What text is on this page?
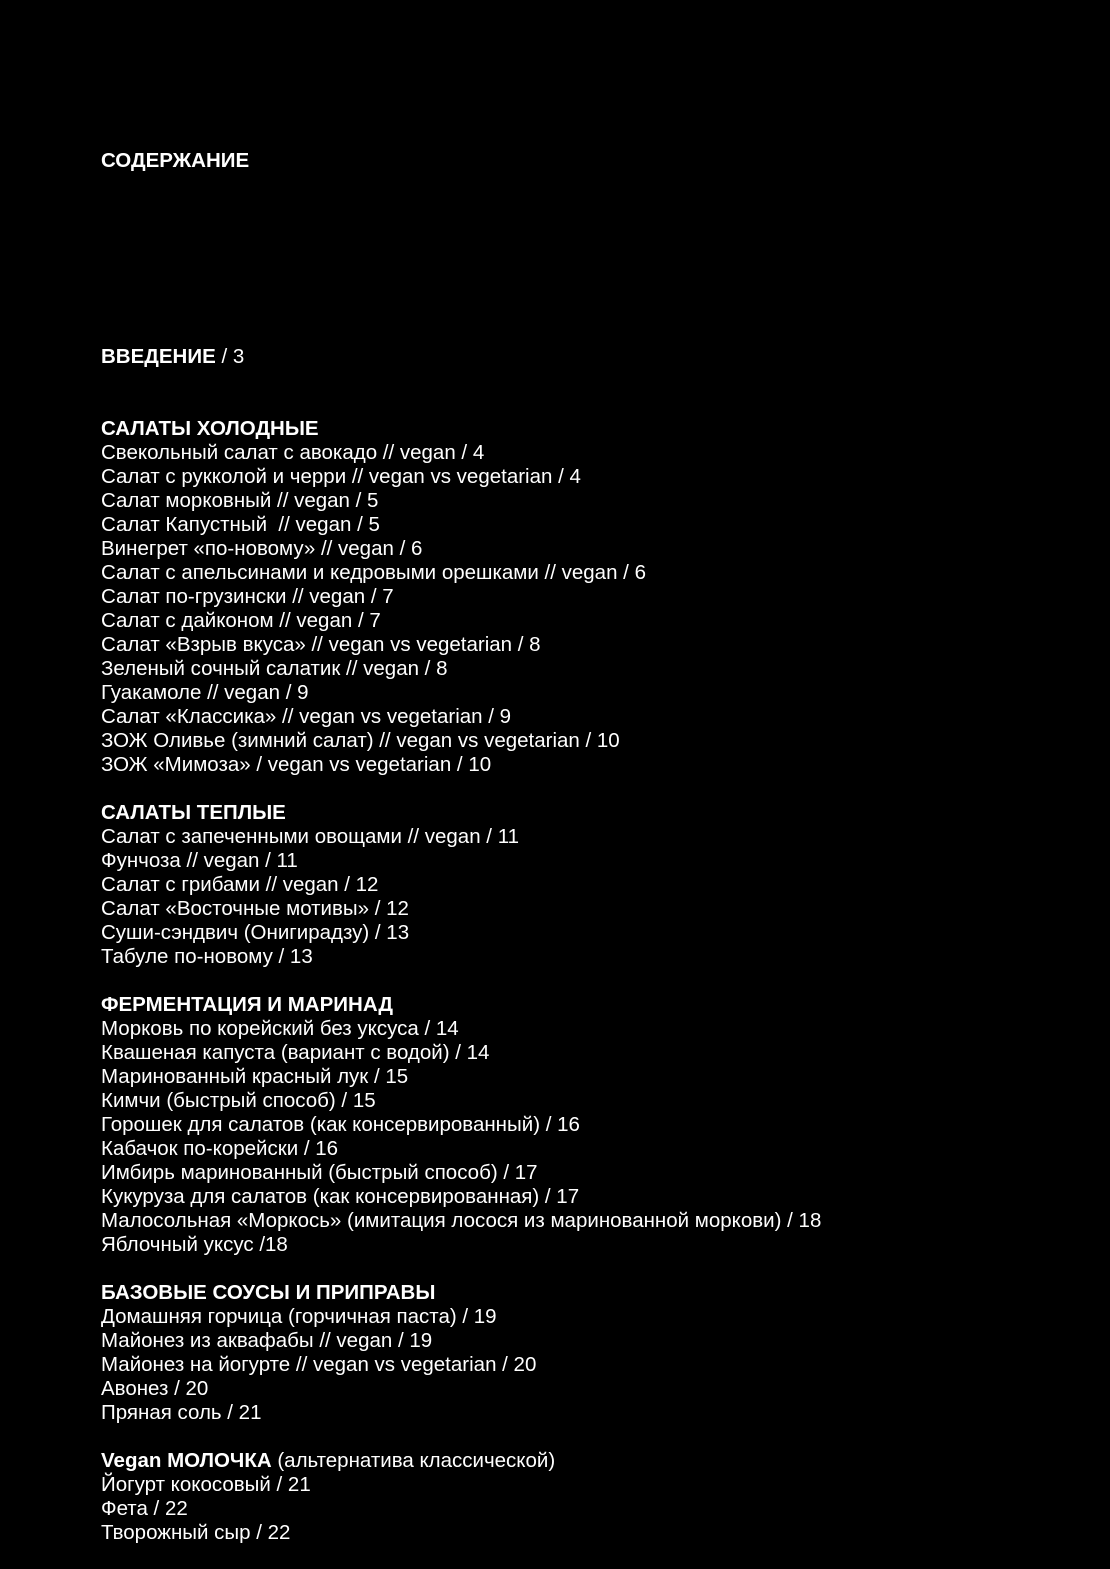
СОДЕРЖАНИЕ

ВВЕДЕНИЕ / 3

САЛАТЫ ХОЛОДНЫЕ
Свекольный салат с авокадо // vegan / 4
Салат с рукколой и черри // vegan vs vegetarian / 4
Салат морковный // vegan / 5
Салат Капустный  // vegan / 5
Винегрет «по-новому» // vegan / 6
Салат с апельсинами и кедровыми орешками // vegan / 6
Салат по-грузински // vegan / 7
Салат с дайконом // vegan / 7
Салат «Взрыв вкуса» // vegan vs vegetarian / 8
Зеленый сочный салатик // vegan / 8
Гуакамоле // vegan / 9
Салат «Классика» // vegan vs vegetarian / 9
ЗОЖ Оливье (зимний салат) // vegan vs vegetarian / 10
ЗОЖ «Мимоза» / vegan vs vegetarian / 10
САЛАТЫ ТЕПЛЫЕ
Салат с запеченными овощами // vegan / 11
Фунчоза // vegan / 11
Салат с грибами // vegan / 12
Салат «Восточные мотивы» / 12
Суши-сэндвич (Онигирадзу) / 13
Табуле по-новому / 13
ФЕРМЕНТАЦИЯ И МАРИНАД
Морковь по корейский без уксуса / 14
Квашеная капуста (вариант с водой) / 14
Маринованный красный лук / 15
Кимчи (быстрый способ) / 15
Горошек для салатов (как консервированный) / 16
Кабачок по-корейски / 16
Имбирь маринованный (быстрый способ) / 17
Кукуруза для салатов (как консервированная) / 17
Малосольная «Моркось» (имитация лосося из маринованной моркови) / 18
Яблочный уксус /18
БАЗОВЫЕ СОУСЫ И ПРИПРАВЫ
Домашняя горчица (горчичная паста) / 19
Майонез из аквафабы // vegan / 19
Майонез на йогурте // vegan vs vegetarian / 20
Авонез / 20
Пряная соль / 21
Vegan МОЛОЧКА (альтернатива классической)
Йогурт кокосовый / 21
Фета / 22
Творожный сыр / 22
